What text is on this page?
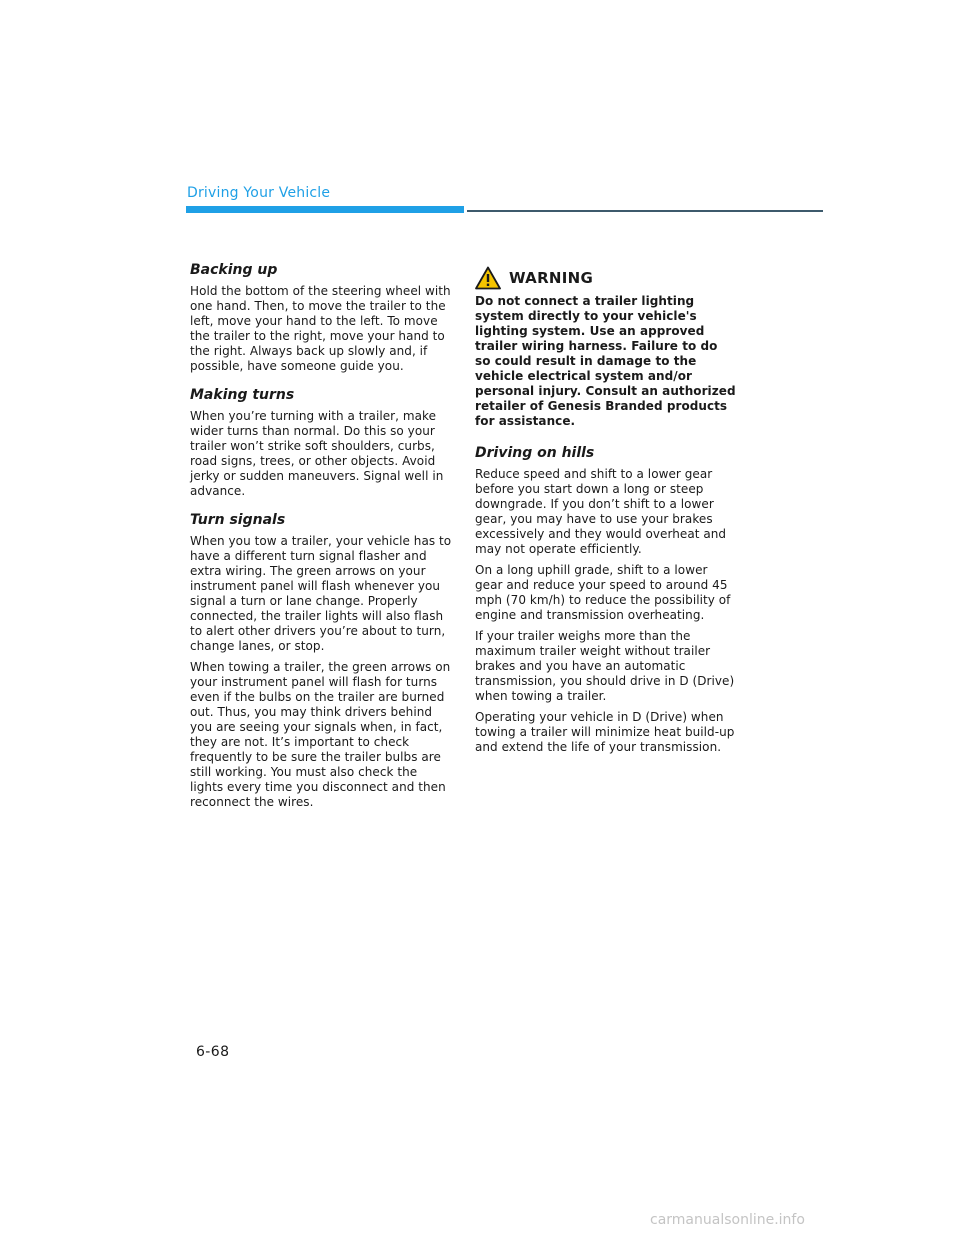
Driving Your Vehicle
Backing up

Hold the bottom of the steering wheel with one hand. Then, to move the trailer to the left, move your hand to the left. To move the trailer to the right, move your hand to the right. Always back up slowly and, if possible, have someone guide you.

Making turns

When you’re turning with a trailer, make wider turns than normal. Do this so your trailer won’t strike soft shoulders, curbs, road signs, trees, or other objects. Avoid jerky or sudden maneuvers. Signal well in advance.

Turn signals

When you tow a trailer, your vehicle has to have a different turn signal flasher and extra wiring. The green arrows on your instrument panel will flash whenever you signal a turn or lane change. Properly connected, the trailer lights will also flash to alert other drivers you’re about to turn, change lanes, or stop.

When towing a trailer, the green arrows on your instrument panel will flash for turns even if the bulbs on the trailer are burned out. Thus, you may think drivers behind you are seeing your signals when, in fact, they are not. It’s important to check frequently to be sure the trailer bulbs are still working. You must also check the lights every time you disconnect and then reconnect the wires.

WARNING

Do not connect a trailer lighting system directly to your vehicle's lighting system. Use an approved trailer wiring harness. Failure to do so could result in damage to the vehicle electrical system and/or personal injury. Consult an authorized retailer of Genesis Branded products for assistance.

Driving on hills

Reduce speed and shift to a lower gear before you start down a long or steep downgrade. If you don’t shift to a lower gear, you may have to use your brakes excessively and they would overheat and may not operate efficiently.

On a long uphill grade, shift to a lower gear and reduce your speed to around 45 mph (70 km/h) to reduce the possibility of engine and transmission overheating.

If your trailer weighs more than the maximum trailer weight without trailer brakes and you have an automatic transmission, you should drive in D (Drive) when towing a trailer.

Operating your vehicle in D (Drive) when towing a trailer will minimize heat build-up and extend the life of your transmission.

6-68
carmanualsonline.info
